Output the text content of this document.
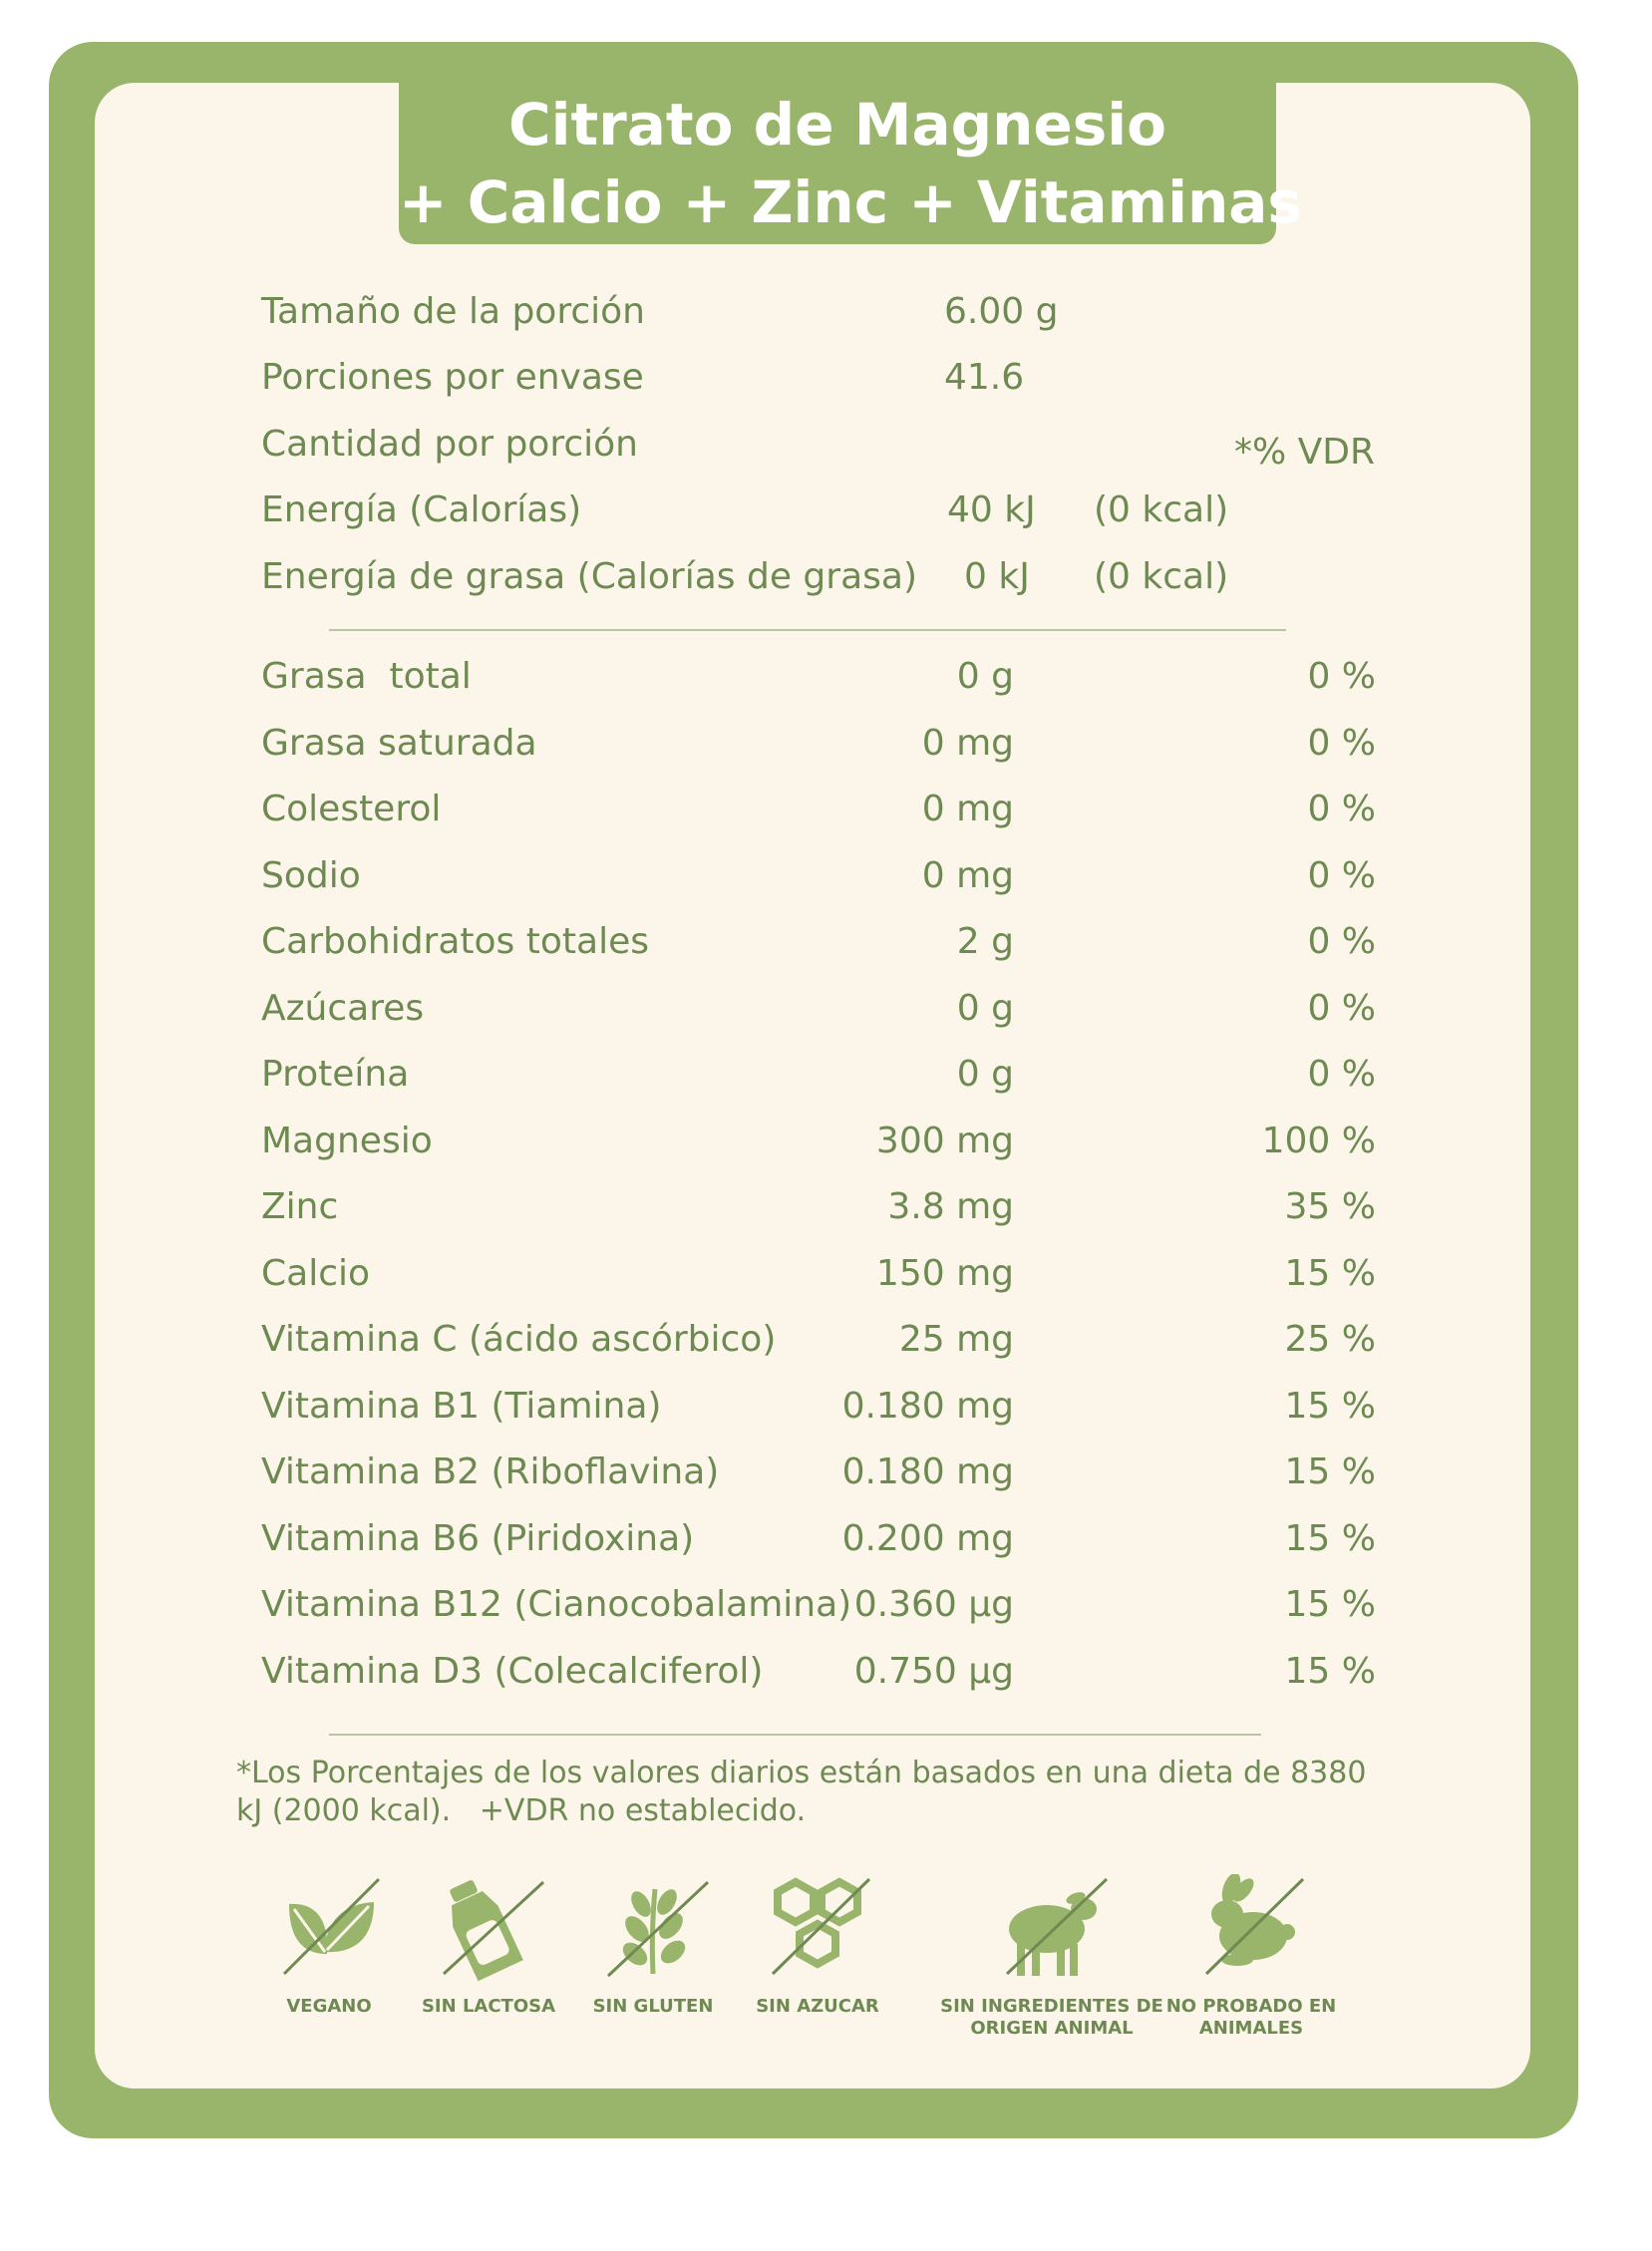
Citrato de Magnesio
+ Calcio + Zinc + Vitaminas
Tamaño de la porción	6.00 g
Porciones por envase	41.6
Cantidad por porción	*% VDR
Energía (Calorías)	40 kJ (0 kcal)
Energía de grasa (Calorías de grasa) 0 kJ (0 kcal)
Grasa  total	0 g	0 %
Grasa saturada	0 mg	0 %
Colesterol	0 mg	0 %
Sodio	0 mg	0 %
Carbohidratos totales	2 g	0 %
Azúcares	0 g	0 %
Proteína	0 g	0 %
Magnesio	300 mg	100 %
Zinc	3.8 mg	35 %
Calcio	150 mg	15 %
Vitamina C (ácido ascórbico)	25 mg	25 %
Vitamina B1 (Tiamina)	0.180 mg	15 %
Vitamina B2 (Riboflavina)	0.180 mg	15 %
Vitamina B6 (Piridoxina)	0.200 mg	15 %
Vitamina B12 (Cianocobalamina) 0.360 µg	15 %
Vitamina D3 (Colecalciferol)	0.750 µg	15 %
*Los Porcentajes de los valores diarios están basados en una dieta de 8380
kJ (2000 kcal).   +VDR no establecido.
VEGANO	SIN LACTOSA	SIN GLUTEN	SIN AZUCAR	SIN INGREDIENTES DE
ORIGEN ANIMAL
NO PROBADO EN
ANIMALES
